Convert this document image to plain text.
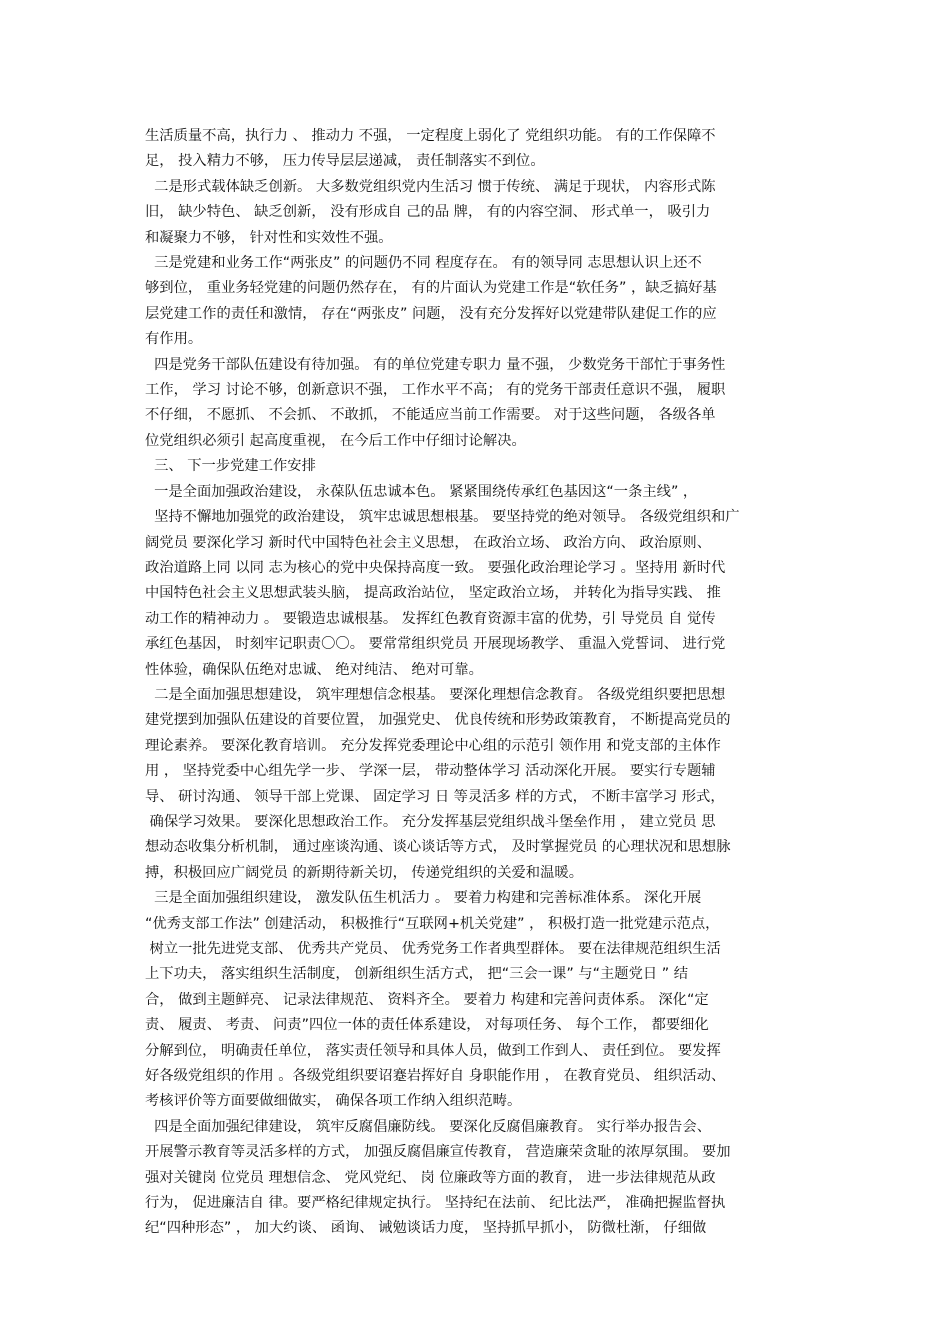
生活质量不高，执行力 、 推动力 不强， 一定程度上弱化了 党组织功能。 有的工作保障不

足， 投入精力不够， 压力传导层层递减， 责任制落实不到位。

二是形式载体缺乏创新。 大多数党组织党内生活习 惯于传统、 满足于现状， 内容形式陈

旧， 缺少特色、 缺乏创新， 没有形成自 己的品 牌， 有的内容空洞、 形式单一， 吸引力

和凝聚力不够， 针对性和实效性不强。

三是党建和业务工作“两张皮” 的问题仍不同 程度存在。 有的领导同 志思想认识上还不

够到位， 重业务轻党建的问题仍然存在， 有的片面认为党建工作是“软任务” ，缺乏搞好基

层党建工作的责任和激情， 存在“两张皮” 问题， 没有充分发挥好以党建带队建促工作的应

有作用。

四是党务干部队伍建设有待加强。 有的单位党建专职力 量不强， 少数党务干部忙于事务性

工作， 学习 讨论不够，创新意识不强， 工作水平不高； 有的党务干部责任意识不强， 履职

不仔细， 不愿抓、 不会抓、 不敢抓， 不能适应当前工作需要。 对于这些问题， 各级各单

位党组织必须引 起高度重视， 在今后工作中仔细讨论解决。

三、 下一步党建工作安排

一是全面加强政治建设， 永葆队伍忠诚本色。 紧紧围绕传承红色基因这“一条主线” ，

坚持不懈地加强党的政治建设， 筑牢忠诚思想根基。 要坚持党的绝对领导。 各级党组织和广

阔党员 要深化学习 新时代中国特色社会主义思想， 在政治立场、 政治方向、 政治原则、

政治道路上同 以同 志为核心的党中央保持高度一致。 要强化政治理论学习 。坚持用 新时代

中国特色社会主义思想武装头脑， 提高政治站位， 坚定政治立场， 并转化为指导实践、 推

动工作的精神动力 。 要锻造忠诚根基。 发挥红色教育资源丰富的优势，引 导党员 自 觉传

承红色基因， 时刻牢记职责〇〇。 要常常组织党员 开展现场教学、 重温入党誓词、 进行党

性体验，确保队伍绝对忠诚、 绝对纯洁、 绝对可靠。

二是全面加强思想建设， 筑牢理想信念根基。 要深化理想信念教育。 各级党组织要把思想

建党摆到加强队伍建设的首要位置， 加强党史、 优良传统和形势政策教育， 不断提高党员的

理论素养。 要深化教育培训。 充分发挥党委理论中心组的示范引 领作用 和党支部的主体作

用 ， 坚持党委中心组先学一步、 学深一层， 带动整体学习 活动深化开展。 要实行专题辅

导、 研讨沟通、 领导干部上党课、 固定学习 日 等灵活多 样的方式， 不断丰富学习 形式，

确保学习效果。 要深化思想政治工作。 充分发挥基层党组织战斗堡垒作用 ， 建立党员 思

想动态收集分析机制， 通过座谈沟通、谈心谈话等方式， 及时掌握党员 的心理状况和思想脉

搏，积极回应广阔党员 的新期待新关切， 传递党组织的关爱和温暖。

三是全面加强组织建设， 激发队伍生机活力 。 要着力构建和完善标准体系。 深化开展

“优秀支部工作法” 创建活动， 积极推行“互联网+机关党建” ， 积极打造一批党建示范点，

树立一批先进党支部、 优秀共产党员、 优秀党务工作者典型群体。 要在法律规范组织生活

上下功夫， 落实组织生活制度， 创新组织生活方式， 把“三会一课” 与“主题党日 ” 结

合， 做到主题鲜亮、 记录法律规范、 资料齐全。 要着力 构建和完善问责体系。 深化“定

责、 履责、 考责、 问责”四位一体的责任体系建设， 对每项任务、 每个工作， 都要细化

分解到位， 明确责任单位， 落实责任领导和具体人员，做到工作到人、 责任到位。 要发挥

好各级党组织的作用 。各级党组织要诏蹇岩挥好自 身职能作用 ， 在教育党员、 组织活动、

考核评价等方面要做细做实， 确保各项工作纳入组织范畴。

四是全面加强纪律建设， 筑牢反腐倡廉防线。 要深化反腐倡廉教育。 实行举办报告会、

开展警示教育等灵活多样的方式， 加强反腐倡廉宣传教育， 营造廉荣贪耻的浓厚氛围。 要加

强对关键岗 位党员 理想信念、 党风党纪、 岗 位廉政等方面的教育， 进一步法律规范从政

行为， 促进廉洁自 律。要严格纪律规定执行。 坚持纪在法前、 纪比法严， 准确把握监督执

纪“四种形态” ， 加大约谈、 函询、 诫勉谈话力度， 坚持抓早抓小， 防微杜渐， 仔细做
